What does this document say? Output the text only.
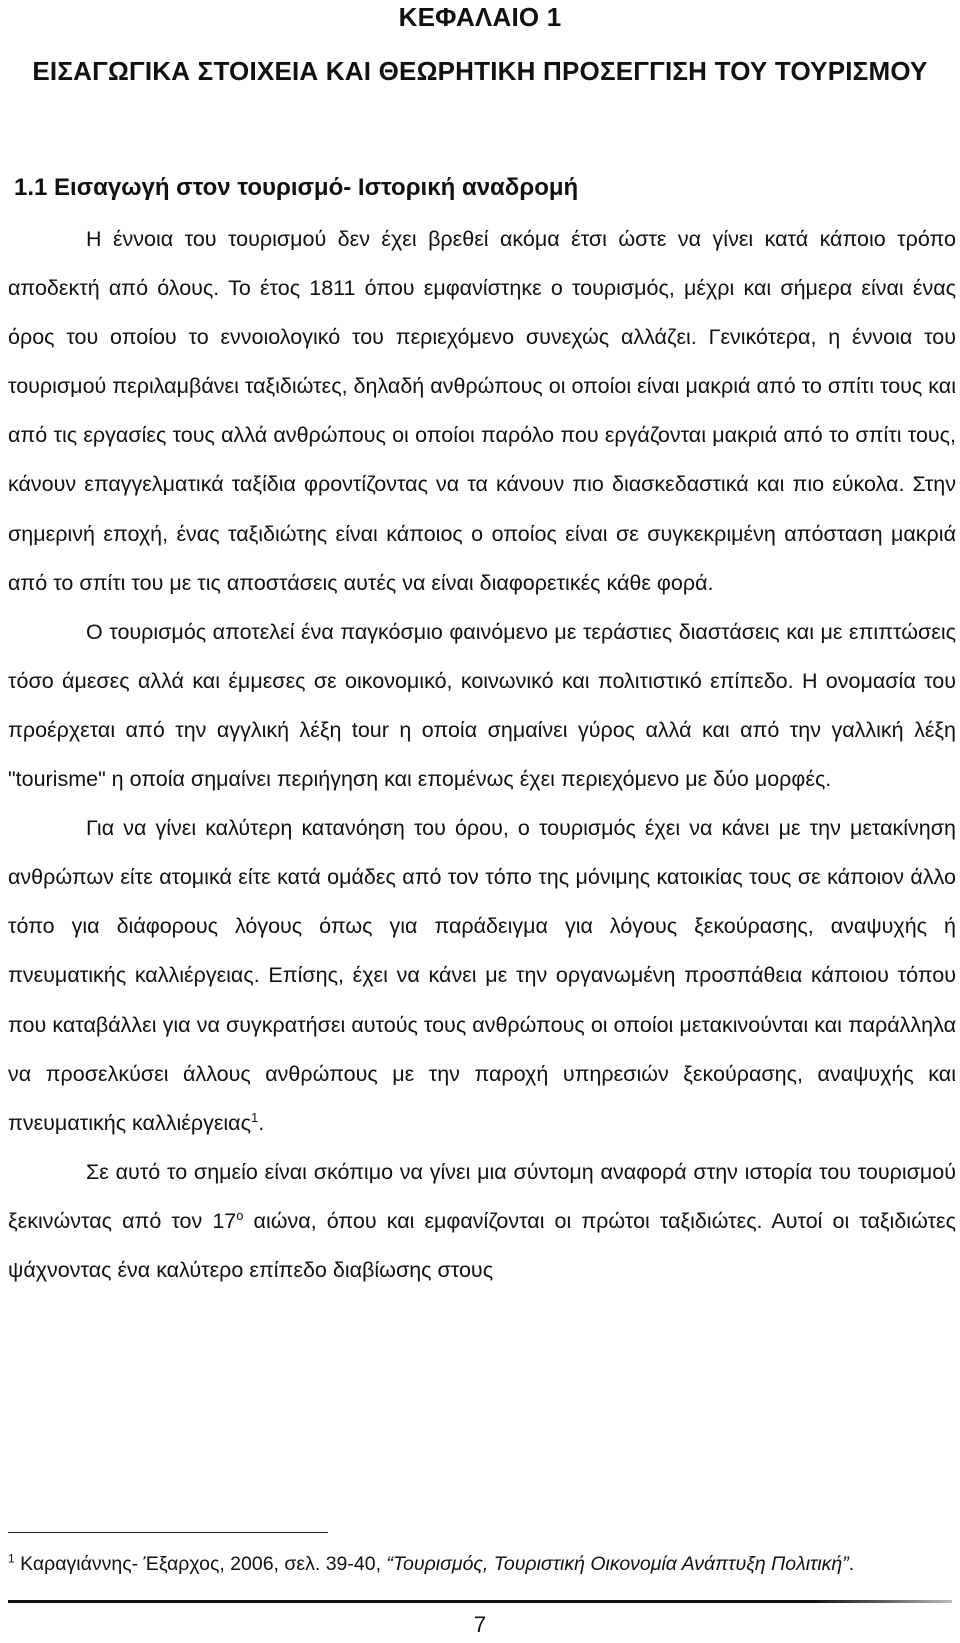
ΚΕΦΑΛΑΙΟ 1
ΕΙΣΑΓΩΓΙΚΑ ΣΤΟΙΧΕΙΑ ΚΑΙ ΘΕΩΡΗΤΙΚΗ ΠΡΟΣΕΓΓΙΣΗ ΤΟΥ ΤΟΥΡΙΣΜΟΥ
1.1 Εισαγωγή στον τουρισμό- Ιστορική αναδρομή

Η έννοια του τουρισμού δεν έχει βρεθεί ακόμα έτσι ώστε να γίνει κατά κάποιο τρόπο αποδεκτή από όλους. Το έτος 1811 όπου εμφανίστηκε ο τουρισμός, μέχρι και σήμερα είναι ένας όρος του οποίου το εννοιολογικό του περιεχόμενο συνεχώς αλλάζει. Γενικότερα, η έννοια του τουρισμού περιλαμβάνει ταξιδιώτες, δηλαδή ανθρώπους οι οποίοι είναι μακριά από το σπίτι τους και από τις εργασίες τους αλλά ανθρώπους οι οποίοι παρόλο που εργάζονται μακριά από το σπίτι τους, κάνουν επαγγελματικά ταξίδια φροντίζοντας να τα κάνουν πιο διασκεδαστικά και πιο εύκολα. Στην σημερινή εποχή, ένας ταξιδιώτης είναι κάποιος ο οποίος είναι σε συγκεκριμένη απόσταση μακριά από το σπίτι του με τις αποστάσεις αυτές να είναι διαφορετικές κάθε φορά.

Ο τουρισμός αποτελεί ένα παγκόσμιο φαινόμενο με τεράστιες διαστάσεις και με επιπτώσεις τόσο άμεσες αλλά και έμμεσες σε οικονομικό, κοινωνικό και πολιτιστικό επίπεδο. Η ονομασία του προέρχεται από την αγγλική λέξη tour η οποία σημαίνει γύρος αλλά και από την γαλλική λέξη "tourisme" η οποία σημαίνει περιήγηση και επομένως έχει περιεχόμενο με δύο μορφές.

Για να γίνει καλύτερη κατανόηση του όρου, ο τουρισμός έχει να κάνει με την μετακίνηση ανθρώπων είτε ατομικά είτε κατά ομάδες από τον τόπο της μόνιμης κατοικίας τους σε κάποιον άλλο τόπο για διάφορους λόγους όπως για παράδειγμα για λόγους ξεκούρασης, αναψυχής ή πνευματικής καλλιέργειας. Επίσης, έχει να κάνει με την οργανωμένη προσπάθεια κάποιου τόπου που καταβάλλει για να συγκρατήσει αυτούς τους ανθρώπους οι οποίοι μετακινούνται και παράλληλα να προσελκύσει άλλους ανθρώπους με την παροχή υπηρεσιών ξεκούρασης, αναψυχής και πνευματικής καλλιέργειας$^1$.

Σε αυτό το σημείο είναι σκόπιμο να γίνει μια σύντομη αναφορά στην ιστορία του τουρισμού ξεκινώντας από τον $17^o$ αιώνα, όπου και εμφανίζονται οι πρώτοι ταξιδιώτες. Αυτοί οι ταξιδιώτες ψάχνοντας ένα καλύτερο επίπεδο διαβίωσης στους

$^1$ Καραγιάννης- Έξαρχος, 2006, σελ. 39-40, “Τουρισμός, Τουριστική Οικονομία Ανάπτυξη Πολιτική”.
7
